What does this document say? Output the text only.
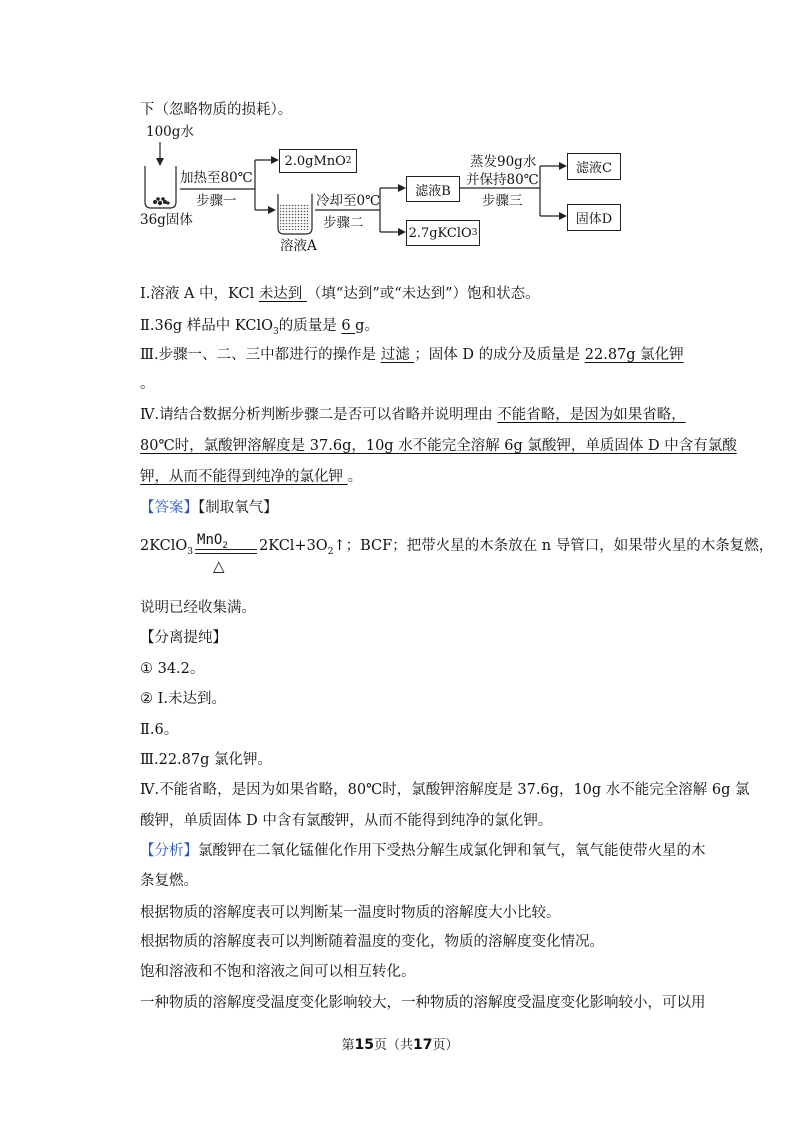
下（忽略物质的损耗）。
100g水
36g固体
加热至80℃
步骤一
2.0gMnO 2
溶液A
冷却至0℃
步骤二
滤液B
2.7gKClO 3
蒸发90g水
并保持80℃
步骤三
滤液C
固体D
Ⅰ.溶液 A 中，KCl 未达到 （填“达到”或“未达到”）饱和状态。
Ⅱ.36g 样品中 KClO$_3$的质量是 6 g。
Ⅲ.步骤一、二、三中都进行的操作是 过滤 ；固体 D 的成分及质量是 22.87g 氯化钾
。
Ⅳ.请结合数据分析判断步骤二是否可以省略并说明理由 不能省略，是因为如果省略，
80℃时，氯酸钾溶解度是 37.6g，10g 水不能完全溶解 6g 氯酸钾，单质固体 D 中含有氯酸
钾，从而不能得到纯净的氯化钾 。
【答案】【制取氧气】
2KClO$_3$
MnO$_2$
△
$2KCl+3O_2↑$；BCF；把带火星的木条放在 n 导管口，如果带火星的木条复燃，
说明已经收集满。
【分离提纯】
① 34.2。
② Ⅰ.未达到。
Ⅱ.6。
Ⅲ.22.87g 氯化钾。
Ⅳ.不能省略，是因为如果省略，80℃时，氯酸钾溶解度是 37.6g，10g 水不能完全溶解 6g 氯
酸钾，单质固体 D 中含有氯酸钾，从而不能得到纯净的氯化钾。
【分析】氯酸钾在二氧化锰催化作用下受热分解生成氯化钾和氧气，氧气能使带火星的木
条复燃。
根据物质的溶解度表可以判断某一温度时物质的溶解度大小比较。
根据物质的溶解度表可以判断随着温度的变化，物质的溶解度变化情况。
饱和溶液和不饱和溶液之间可以相互转化。
一种物质的溶解度受温度变化影响较大，一种物质的溶解度受温度变化影响较小，可以用
第15页（共17页）
